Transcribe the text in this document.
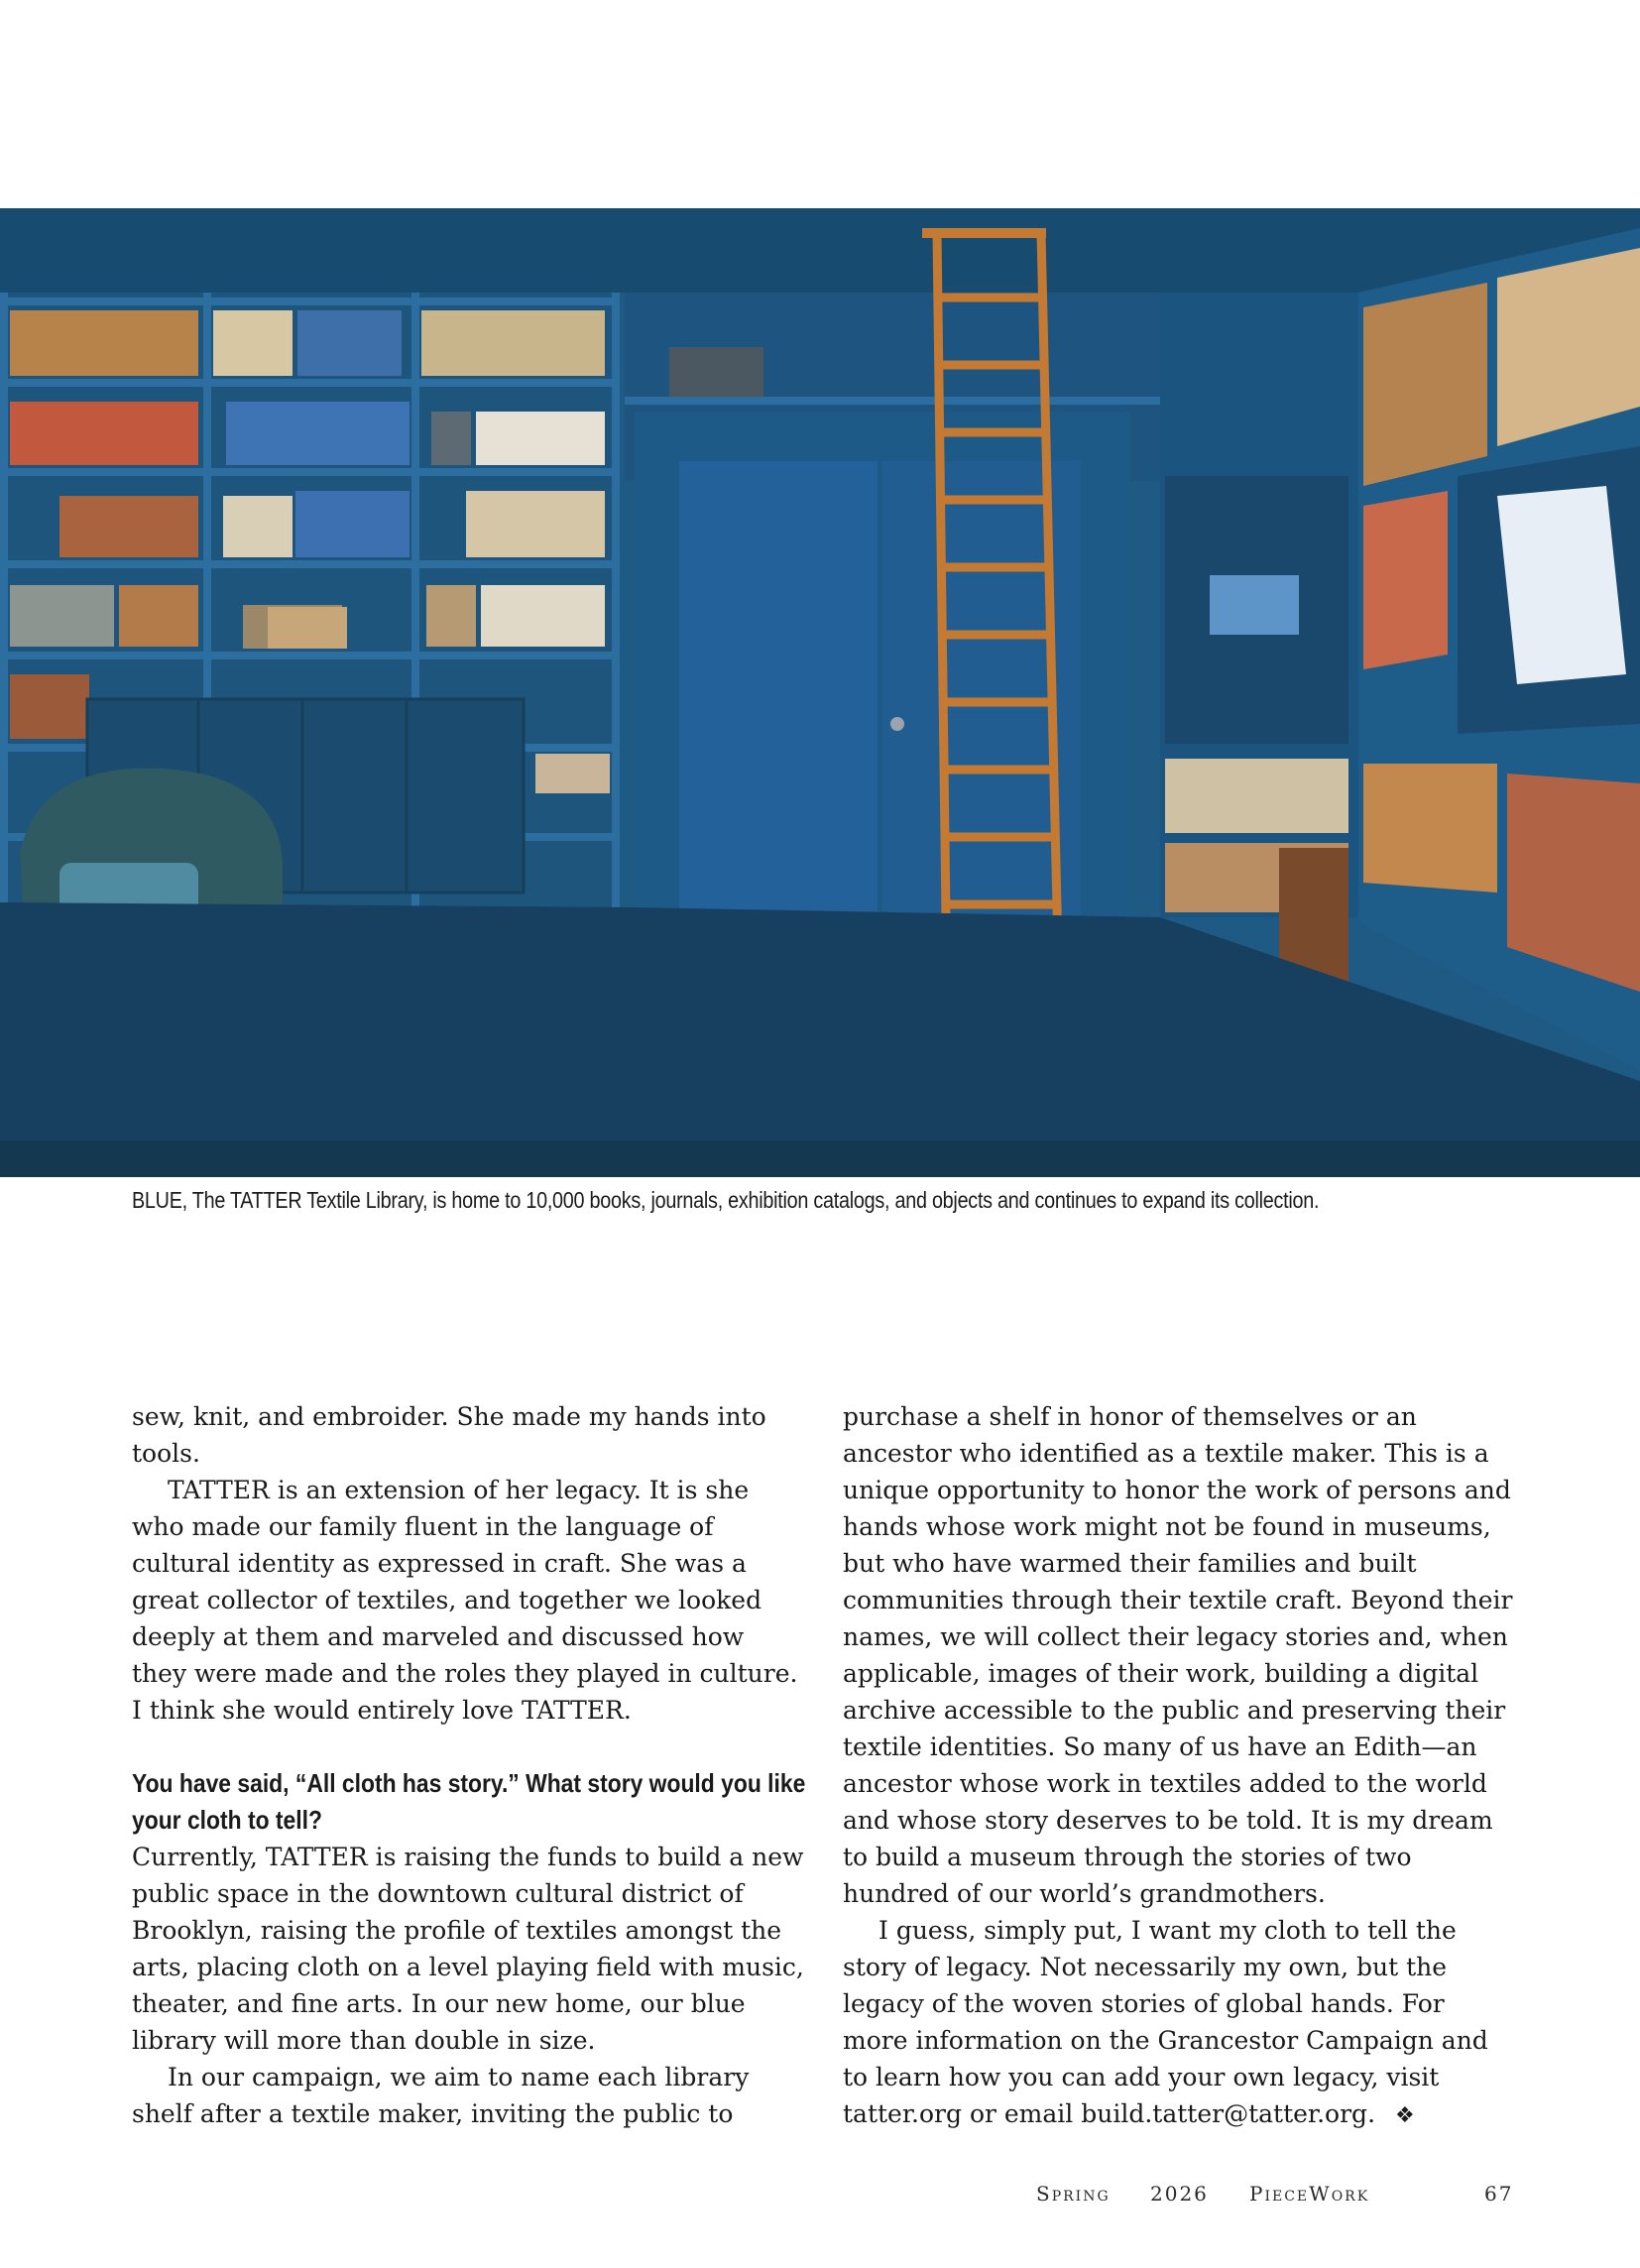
BLUE, The TATTER Textile Library, is home to 10,000 books, journals, exhibition catalogs, and objects and continues to expand its collection.

sew, knit, and embroider. She made my hands into tools.

TATTER is an extension of her legacy. It is she who made our family fluent in the language of cultural identity as expressed in craft. She was a great collector of textiles, and together we looked deeply at them and marveled and discussed how they were made and the roles they played in culture. I think she would entirely love TATTER.

You have said, “All cloth has story.” What story would you like your cloth to tell?

Currently, TATTER is raising the funds to build a new public space in the downtown cultural district of Brooklyn, raising the profile of textiles amongst the arts, placing cloth on a level playing field with music, theater, and fine arts. In our new home, our blue library will more than double in size.

In our campaign, we aim to name each library shelf after a textile maker, inviting the public to

purchase a shelf in honor of themselves or an ancestor who identified as a textile maker. This is a unique opportunity to honor the work of persons and hands whose work might not be found in museums, but who have warmed their families and built communities through their textile craft. Beyond their names, we will collect their legacy stories and, when applicable, images of their work, building a digital archive accessible to the public and preserving their textile identities. So many of us have an Edith—an ancestor whose work in textiles added to the world and whose story deserves to be told. It is my dream to build a museum through the stories of two hundred of our world’s grandmothers.

I guess, simply put, I want my cloth to tell the story of legacy. Not necessarily my own, but the legacy of the woven stories of global hands. For more information on the Grancestor Campaign and to learn how you can add your own legacy, visit tatter.org or email build.tatter@tatter.org. ❖

Spring 2026 PieceWork	67
